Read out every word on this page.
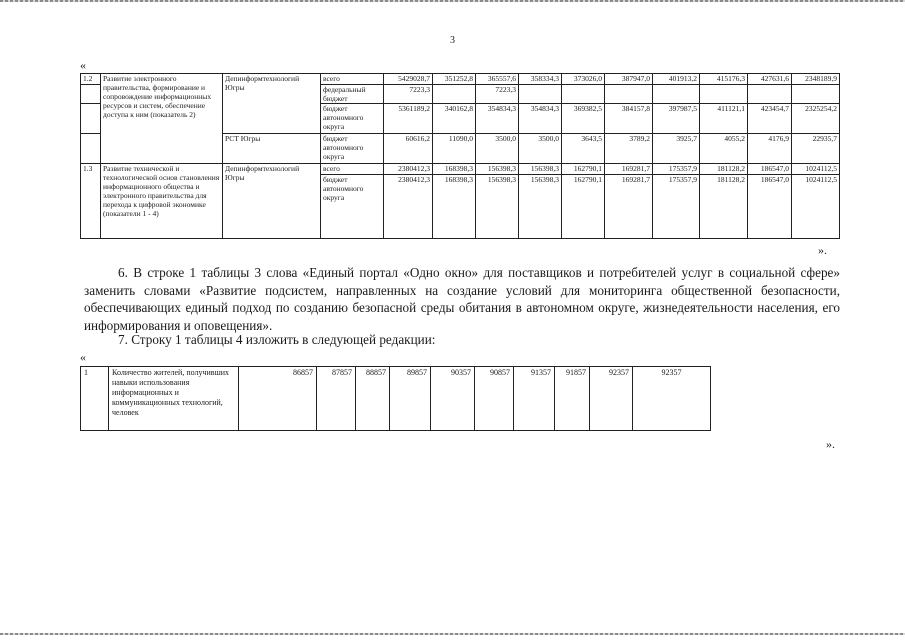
3
«
1.2	Развитие электронного правительства, формирование и сопровождение информационных ресурсов и систем, обеспечение доступа к ним (показатель 2)	Депинформтехнологий Югры	всего	5429028,7	351252,8	365557,6	358334,3	373026,0	387947,0	401913,2	415176,3	427631,6	2348189,9
			федеральный бюджет	7223,3		7223,3							
			бюджет автономного округа	5361189,2	340162,8	354834,3	354834,3	369382,5	384157,8	397987,5	411121,1	423454,7	2325254,2
		РСТ Югры	бюджет автономного округа	60616,2	11090,0	3500,0	3500,0	3643,5	3789,2	3925,7	4055,2	4176,9	22935,7
1.3	Развитие технической и технологической основ становления информационного общества и электронного правительства для перехода к цифровой экономике (показатели 1 - 4)	Депинформтехнологий Югры	всего	2380412,3	168398,3	156398,3	156398,3	162790,1	169281,7	175357,9	181128,2	186547,0	1024112,5
			бюджет автономного округа	2380412,3	168398,3	156398,3	156398,3	162790,1	169281,7	175357,9	181128,2	186547,0	1024112,5
».
6. В строке 1 таблицы 3 слова «Единый портал «Одно окно» для поставщиков и потребителей услуг в социальной сфере» заменить словами «Развитие подсистем, направленных на создание условий для мониторинга общественной безопасности, обеспечивающих единый подход по созданию безопасной среды обитания в автономном округе, жизнедеятельности населения, его информирования и оповещения».
7. Строку 1 таблицы 4 изложить в следующей редакции:
«
1	Количество жителей, получивших навыки использования информационных и коммуникационных технологий, человек	86857	87857	88857	89857	90357	90857	91357	91857	92357	92357
».
